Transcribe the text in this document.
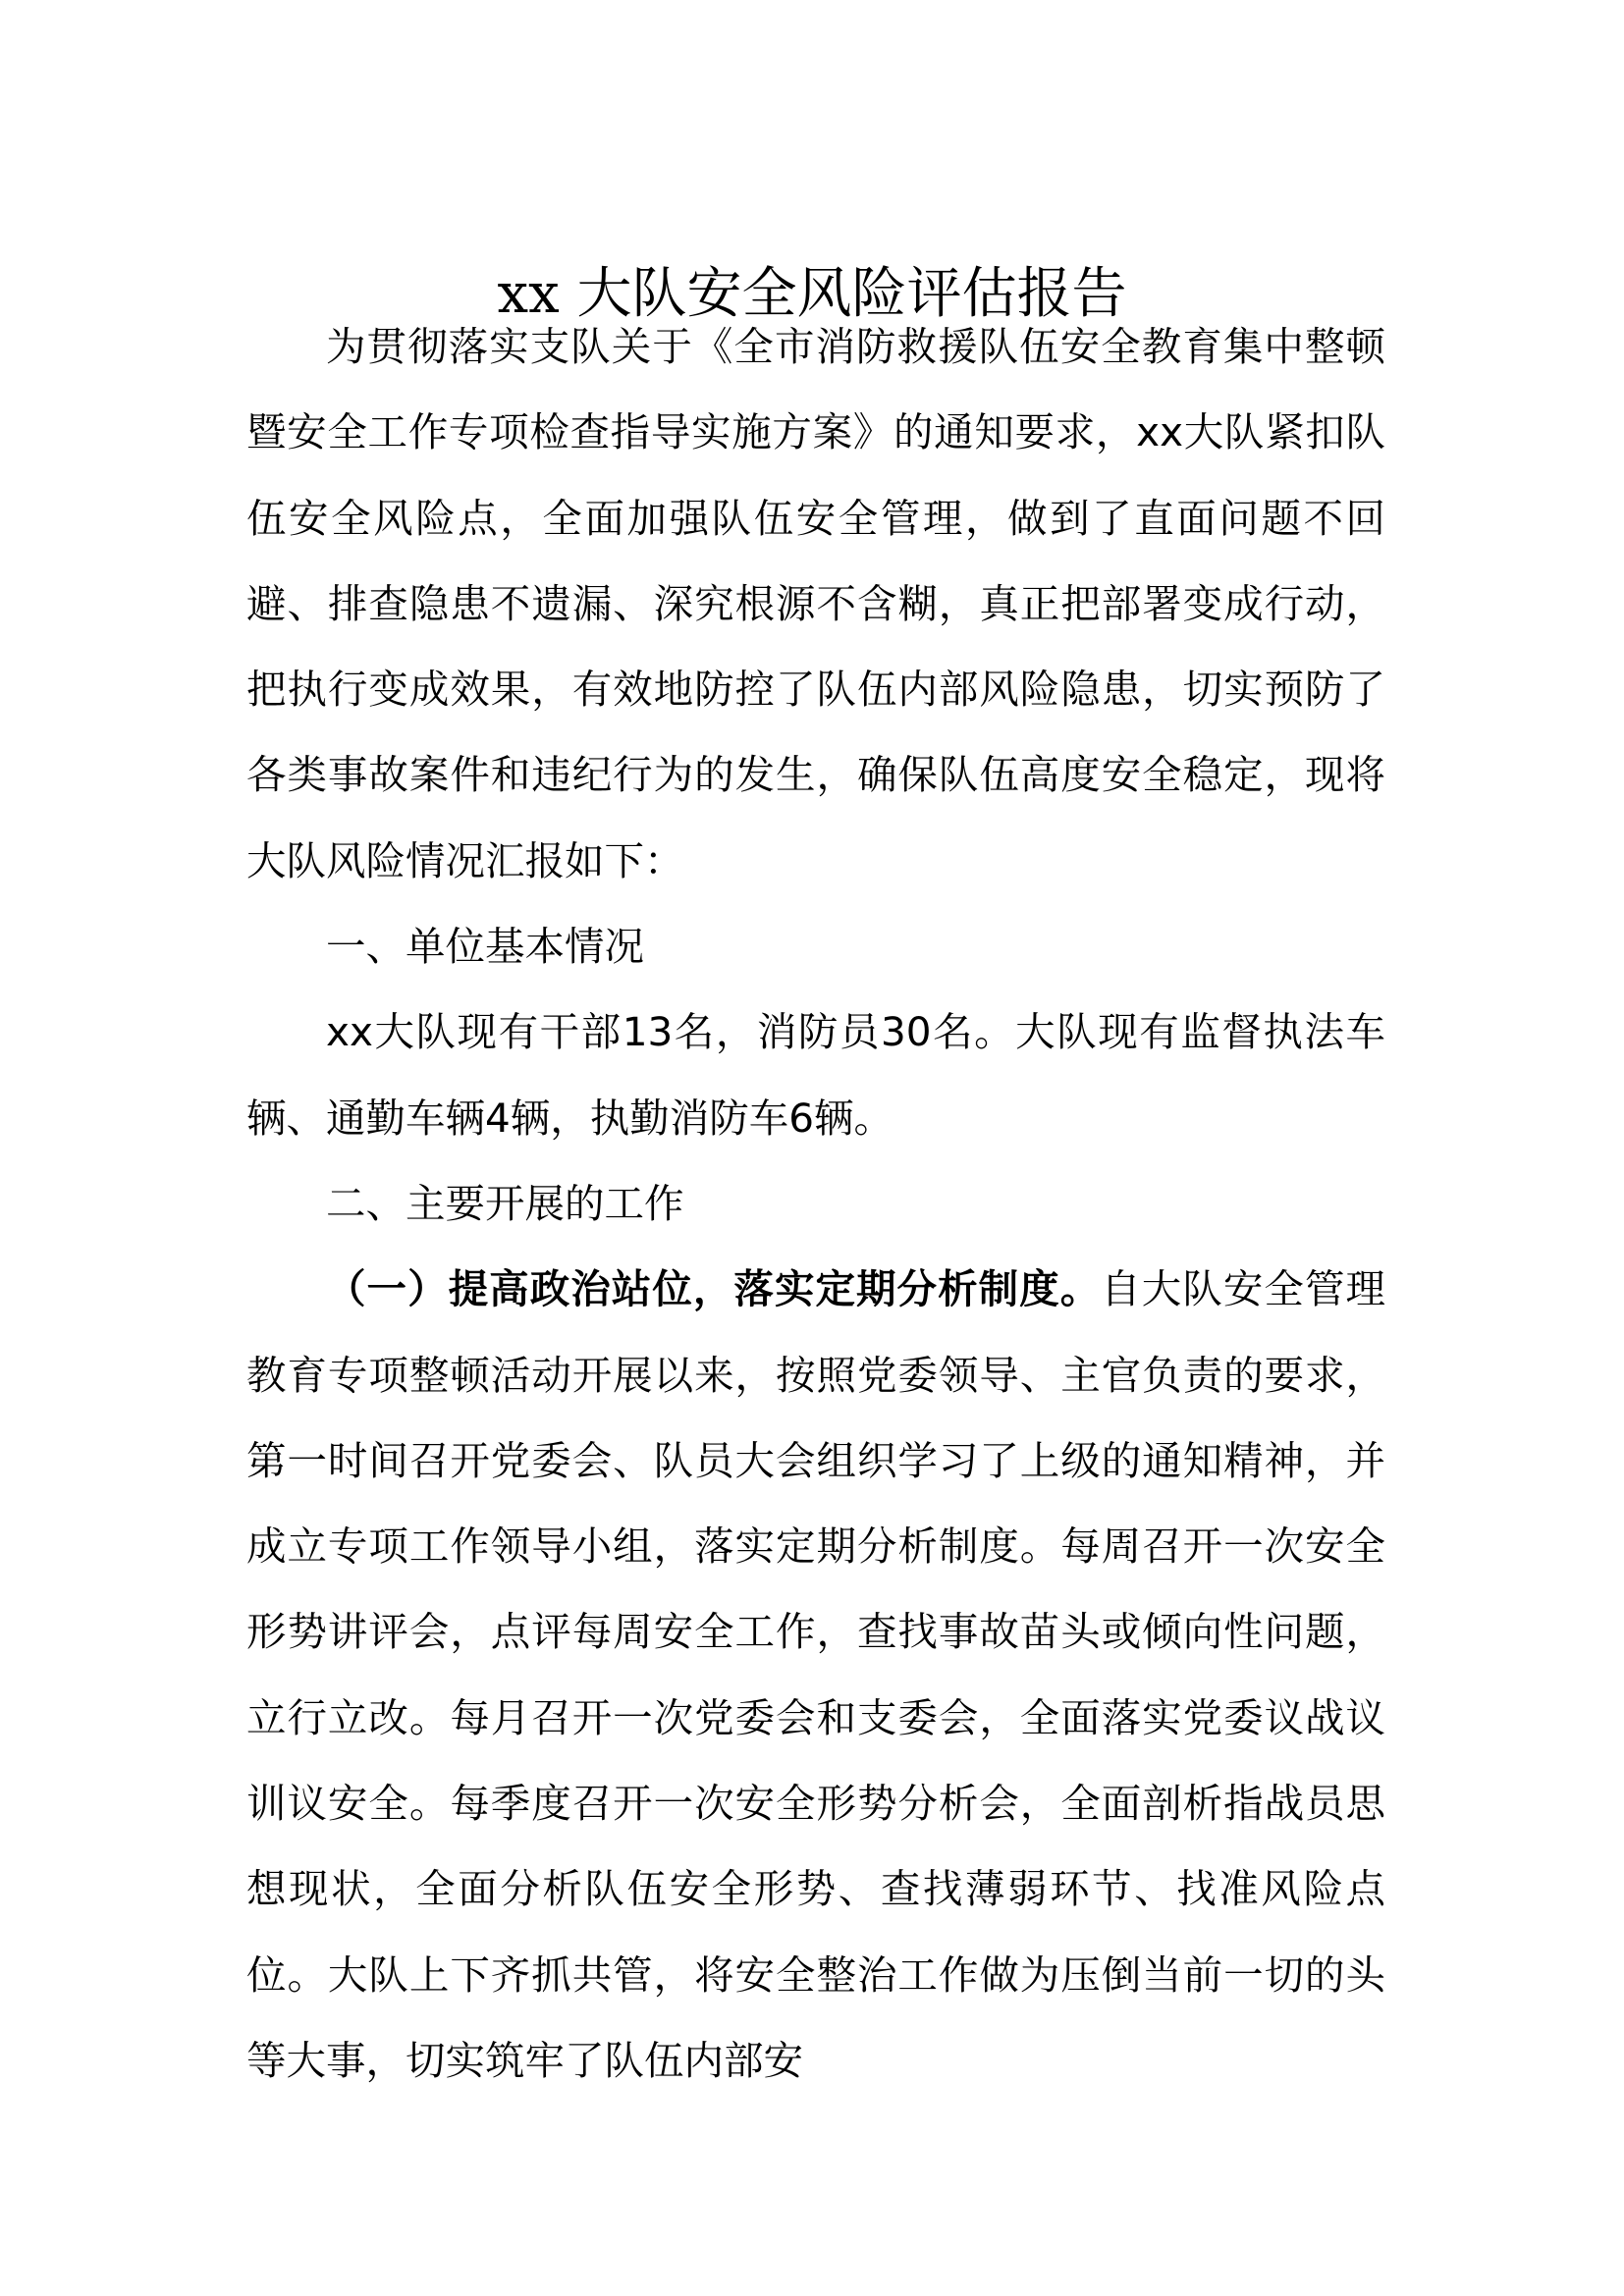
xx 大队安全风险评估报告

为贯彻落实支队关于《全市消防救援队伍安全教育集中整顿暨安全工作专项检查指导实施方案》的通知要求，xx大队紧扣队伍安全风险点，全面加强队伍安全管理，做到了直面问题不回避、排查隐患不遗漏、深究根源不含糊，真正把部署变成行动，把执行变成效果，有效地防控了队伍内部风险隐患，切实预防了各类事故案件和违纪行为的发生，确保队伍高度安全稳定，现将大队风险情况汇报如下：

一、单位基本情况

xx大队现有干部13名，消防员30名。大队现有监督执法车辆、通勤车辆4辆，执勤消防车6辆。

二、主要开展的工作

（一）提高政治站位，落实定期分析制度。自大队安全管理教育专项整顿活动开展以来，按照党委领导、主官负责的要求，第一时间召开党委会、队员大会组织学习了上级的通知精神，并成立专项工作领导小组，落实定期分析制度。每周召开一次安全形势讲评会，点评每周安全工作，查找事故苗头或倾向性问题，立行立改。每月召开一次党委会和支委会，全面落实党委议战议训议安全。每季度召开一次安全形势分析会，全面剖析指战员思想现状，全面分析队伍安全形势、查找薄弱环节、找准风险点位。大队上下齐抓共管，将安全整治工作做为压倒当前一切的头等大事，切实筑牢了队伍内部安
